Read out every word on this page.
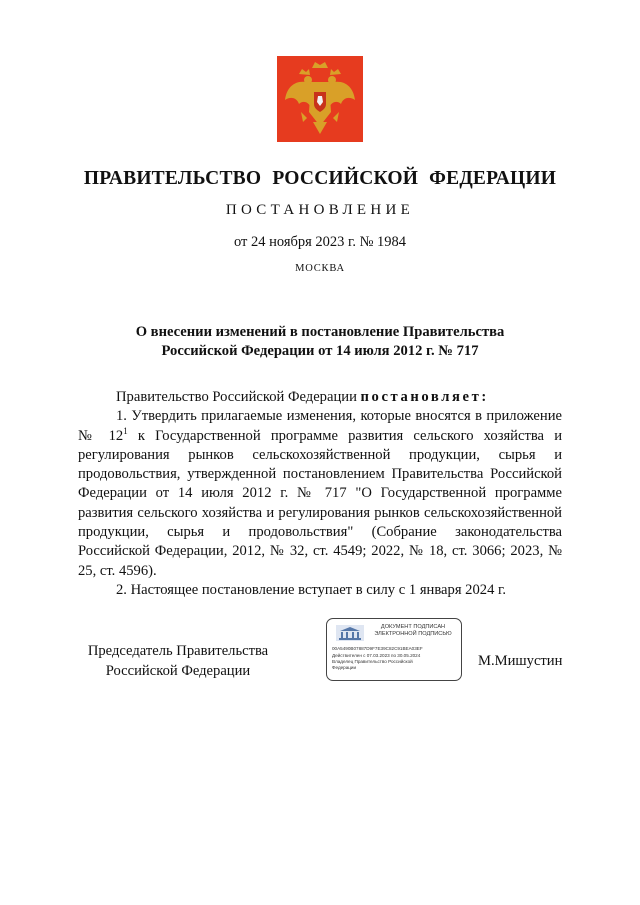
ПРАВИТЕЛЬСТВО РОССИЙСКОЙ ФЕДЕРАЦИИ
ПОСТАНОВЛЕНИЕ
от 24 ноября 2023 г. № 1984
МОСКВА
О внесении изменений в постановление Правительства
Российской Федерации от 14 июля 2012 г. № 717

Правительство Российской Федерации постановляет:

1. Утвердить прилагаемые изменения, которые вносятся в приложение № $12^1$ к Государственной программе развития сельского хозяйства и регулирования рынков сельскохозяйственной продукции, сырья и продовольствия, утвержденной постановлением Правительства Российской Федерации от 14 июля 2012 г. № 717 "О Государственной программе развития сельского хозяйства и регулирования рынков сельскохозяйственной продукции, сырья и продовольствия" (Собрание законодательства Российской Федерации, 2012, № 32, ст. 4549; 2022, № 18, ст. 3066; 2023, № 25, ст. 4596).

2. Настоящее постановление вступает в силу с 1 января 2024 г.

Председатель Правительства
Российской Федерации
ДОКУМЕНТ ПОДПИСАН
ЭЛЕКТРОННОЙ ПОДПИСЬЮ
00A5490B07887D9F7E39C82C91BEA03EF
Действителен с 07.03.2023 по 30.05.2024
Владелец Правительство Российской
Федерации	М.Мишустин
